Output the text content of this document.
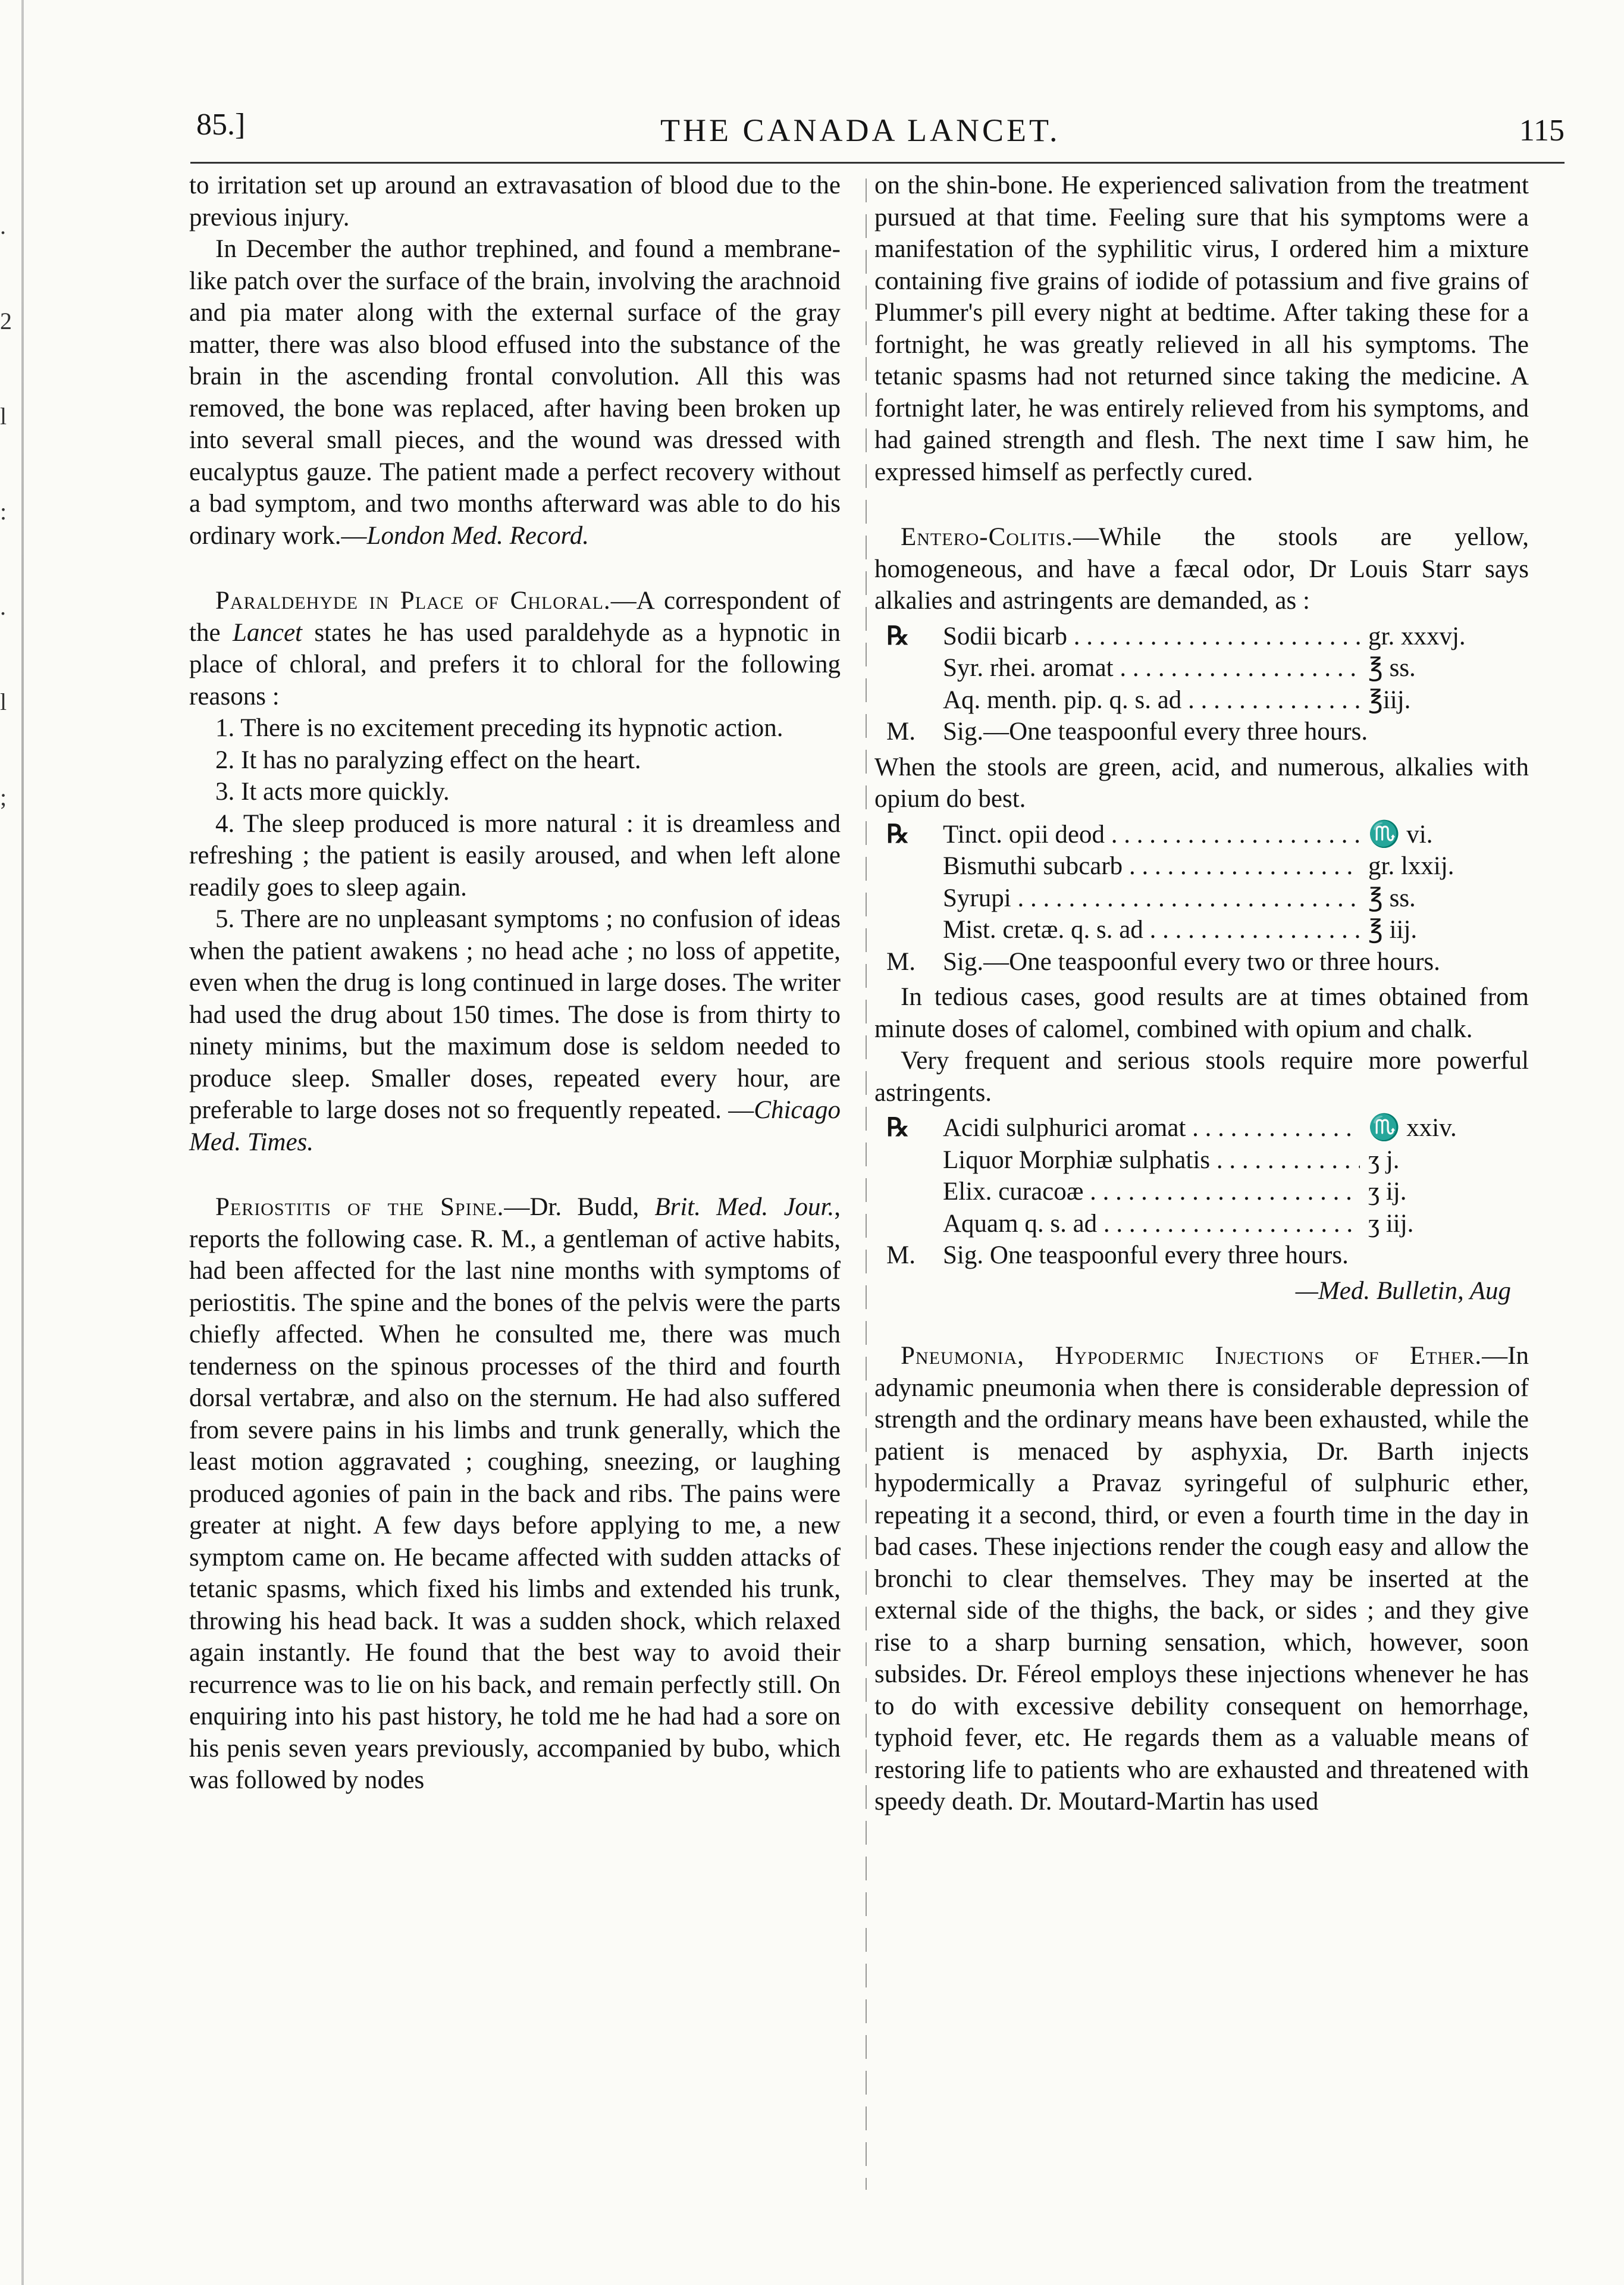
.
2
l
:
.
l
;
85.]	THE CANADA LANCET.	115

to irritation set up around an extravasation of blood due to the previous injury.

In December the author trephined, and found a membrane-like patch over the surface of the brain, involving the arachnoid and pia mater along with the external surface of the gray matter, there was also blood effused into the substance of the brain in the ascending frontal convolution. All this was removed, the bone was replaced, after having been broken up into several small pieces, and the wound was dressed with eucalyptus gauze. The patient made a perfect recovery without a bad symptom, and two months afterward was able to do his ordinary work.—London Med. Record.

Paraldehyde in Place of Chloral.—A correspondent of the Lancet states he has used paraldehyde as a hypnotic in place of chloral, and prefers it to chloral for the following reasons :

1. There is no excitement preceding its hypnotic action.

2. It has no paralyzing effect on the heart.

3. It acts more quickly.

4. The sleep produced is more natural : it is dreamless and refreshing ; the patient is easily aroused, and when left alone readily goes to sleep again.

5. There are no unpleasant symptoms ; no confusion of ideas when the patient awakens ; no head ache ; no loss of appetite, even when the drug is long continued in large doses. The writer had used the drug about 150 times. The dose is from thirty to ninety minims, but the maximum dose is seldom needed to produce sleep. Smaller doses, repeated every hour, are preferable to large doses not so frequently repeated. —Chicago Med. Times.

Periostitis of the Spine.—Dr. Budd, Brit. Med. Jour., reports the following case. R. M., a gentleman of active habits, had been affected for the last nine months with symptoms of periostitis. The spine and the bones of the pelvis were the parts chiefly affected. When he consulted me, there was much tenderness on the spinous processes of the third and fourth dorsal vertabræ, and also on the sternum. He had also suffered from severe pains in his limbs and trunk generally, which the least motion aggravated ; coughing, sneezing, or laughing produced agonies of pain in the back and ribs. The pains were greater at night. A few days before applying to me, a new symptom came on. He became affected with sudden attacks of tetanic spasms, which fixed his limbs and extended his trunk, throwing his head back. It was a sudden shock, which relaxed again instantly. He found that the best way to avoid their recurrence was to lie on his back, and remain perfectly still. On enquiring into his past history, he told me he had had a sore on his penis seven years previously, accompanied by bubo, which was followed by nodes

on the shin-bone. He experienced salivation from the treatment pursued at that time. Feeling sure that his symptoms were a manifestation of the syphilitic virus, I ordered him a mixture containing five grains of iodide of potassium and five grains of Plummer's pill every night at bedtime. After taking these for a fortnight, he was greatly relieved in all his symptoms. The tetanic spasms had not returned since taking the medicine. A fortnight later, he was entirely relieved from his symptoms, and had gained strength and flesh. The next time I saw him, he expressed himself as perfectly cured.

Entero-Colitis.—While the stools are yellow, homogeneous, and have a fæcal odor, Dr Louis Starr says alkalies and astringents are demanded, as :

℞	Sodii bicarb . . .	gr. xxxvj.
Syr. rhei. aromat . . .	℥ ss.
Aq. menth. pip. q. s. ad . . .	℥iij.
M.	Sig.—One teaspoonful every three hours.

When the stools are green, acid, and numerous, alkalies with opium do best.

℞	Tinct. opii deod . . .	♏ vi.
Bismuthi subcarb . . .	gr. lxxij.
Syrupi . . .	℥ ss.
Mist. cretæ. q. s. ad . . .	℥ iij.
M.	Sig.—One teaspoonful every two or three hours.

In tedious cases, good results are at times obtained from minute doses of calomel, combined with opium and chalk.

Very frequent and serious stools require more powerful astringents.

℞	Acidi sulphurici aromat . . .	♏ xxiv.
Liquor Morphiæ sulphatis . . .	ʒ j.
Elix. curacoæ . . .	ʒ ij.
Aquam q. s. ad . . .	ʒ iij.
M.	Sig. One teaspoonful every three hours.
—Med. Bulletin, Aug

Pneumonia, Hypodermic Injections of Ether.—In adynamic pneumonia when there is considerable depression of strength and the ordinary means have been exhausted, while the patient is menaced by asphyxia, Dr. Barth injects hypodermically a Pravaz syringeful of sulphuric ether, repeating it a second, third, or even a fourth time in the day in bad cases. These injections render the cough easy and allow the bronchi to clear themselves. They may be inserted at the external side of the thighs, the back, or sides ; and they give rise to a sharp burning sensation, which, however, soon subsides. Dr. Féreol employs these injections whenever he has to do with excessive debility consequent on hemorrhage, typhoid fever, etc. He regards them as a valuable means of restoring life to patients who are exhausted and threatened with speedy death. Dr. Moutard-Martin has used
